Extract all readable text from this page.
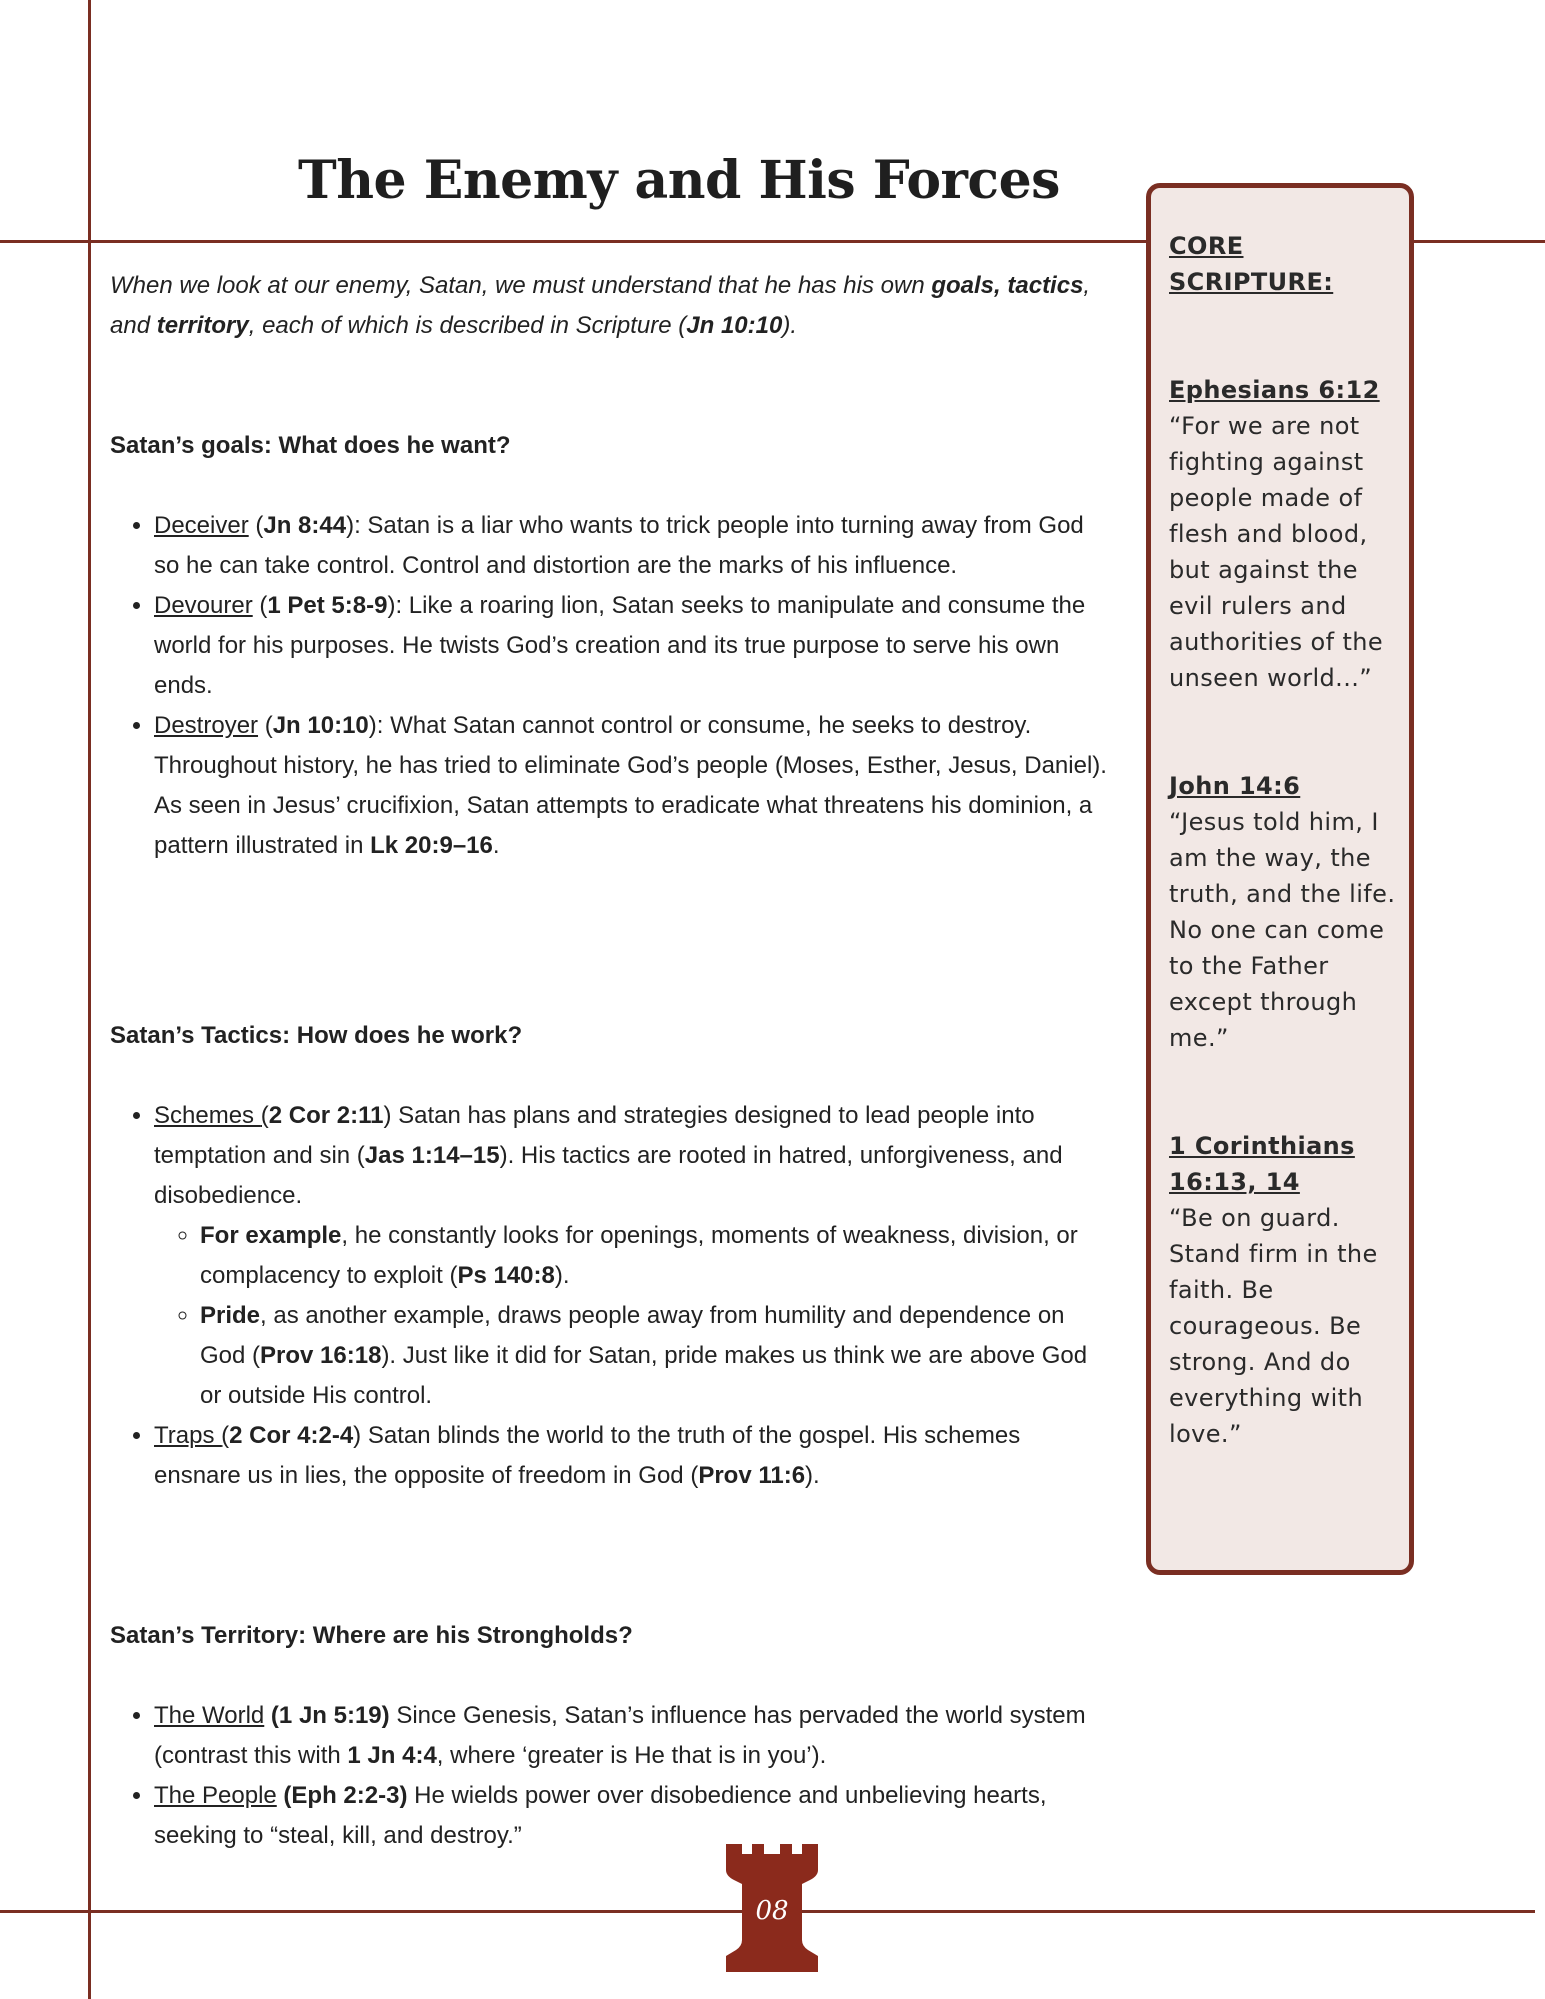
The Enemy and His Forces

When we look at our enemy, Satan, we must understand that he has his own goals, tactics, and territory, each of which is described in Scripture (Jn 10:10).

Satan’s goals: What does he want?

• Deceiver (Jn 8:44): Satan is a liar who wants to trick people into turning away from God so he can take control. Control and distortion are the marks of his influence.
• Devourer (1 Pet 5:8-9): Like a roaring lion, Satan seeks to manipulate and consume the world for his purposes. He twists God’s creation and its true purpose to serve his own ends.
• Destroyer (Jn 10:10): What Satan cannot control or consume, he seeks to destroy. Throughout history, he has tried to eliminate God’s people (Moses, Esther, Jesus, Daniel). As seen in Jesus’ crucifixion, Satan attempts to eradicate what threatens his dominion, a pattern illustrated in Lk 20:9–16.

Satan’s Tactics: How does he work?

• Schemes (2 Cor 2:11) Satan has plans and strategies designed to lead people into temptation and sin (Jas 1:14–15). His tactics are rooted in hatred, unforgiveness, and disobedience.
◦ For example, he constantly looks for openings, moments of weakness, division, or complacency to exploit (Ps 140:8).
◦ Pride, as another example, draws people away from humility and dependence on God (Prov 16:18). Just like it did for Satan, pride makes us think we are above God or outside His control.
• Traps (2 Cor 4:2-4) Satan blinds the world to the truth of the gospel. His schemes ensnare us in lies, the opposite of freedom in God (Prov 11:6).

Satan’s Territory: Where are his Strongholds?

• The World (1 Jn 5:19) Since Genesis, Satan’s influence has pervaded the world system (contrast this with 1 Jn 4:4, where ‘greater is He that is in you’).
• The People (Eph 2:2-3) He wields power over disobedience and unbelieving hearts, seeking to “steal, kill, and destroy.”

CORE SCRIPTURE:

Ephesians 6:12

“For we are not fighting against people made of flesh and blood, but against the evil rulers and authorities of the unseen world...”

John 14:6

“Jesus told him, I am the way, the truth, and the life. No one can come to the Father except through me.”

1 Corinthians 16:13, 14

“Be on guard. Stand firm in the faith. Be courageous. Be strong. And do everything with love.”

08
